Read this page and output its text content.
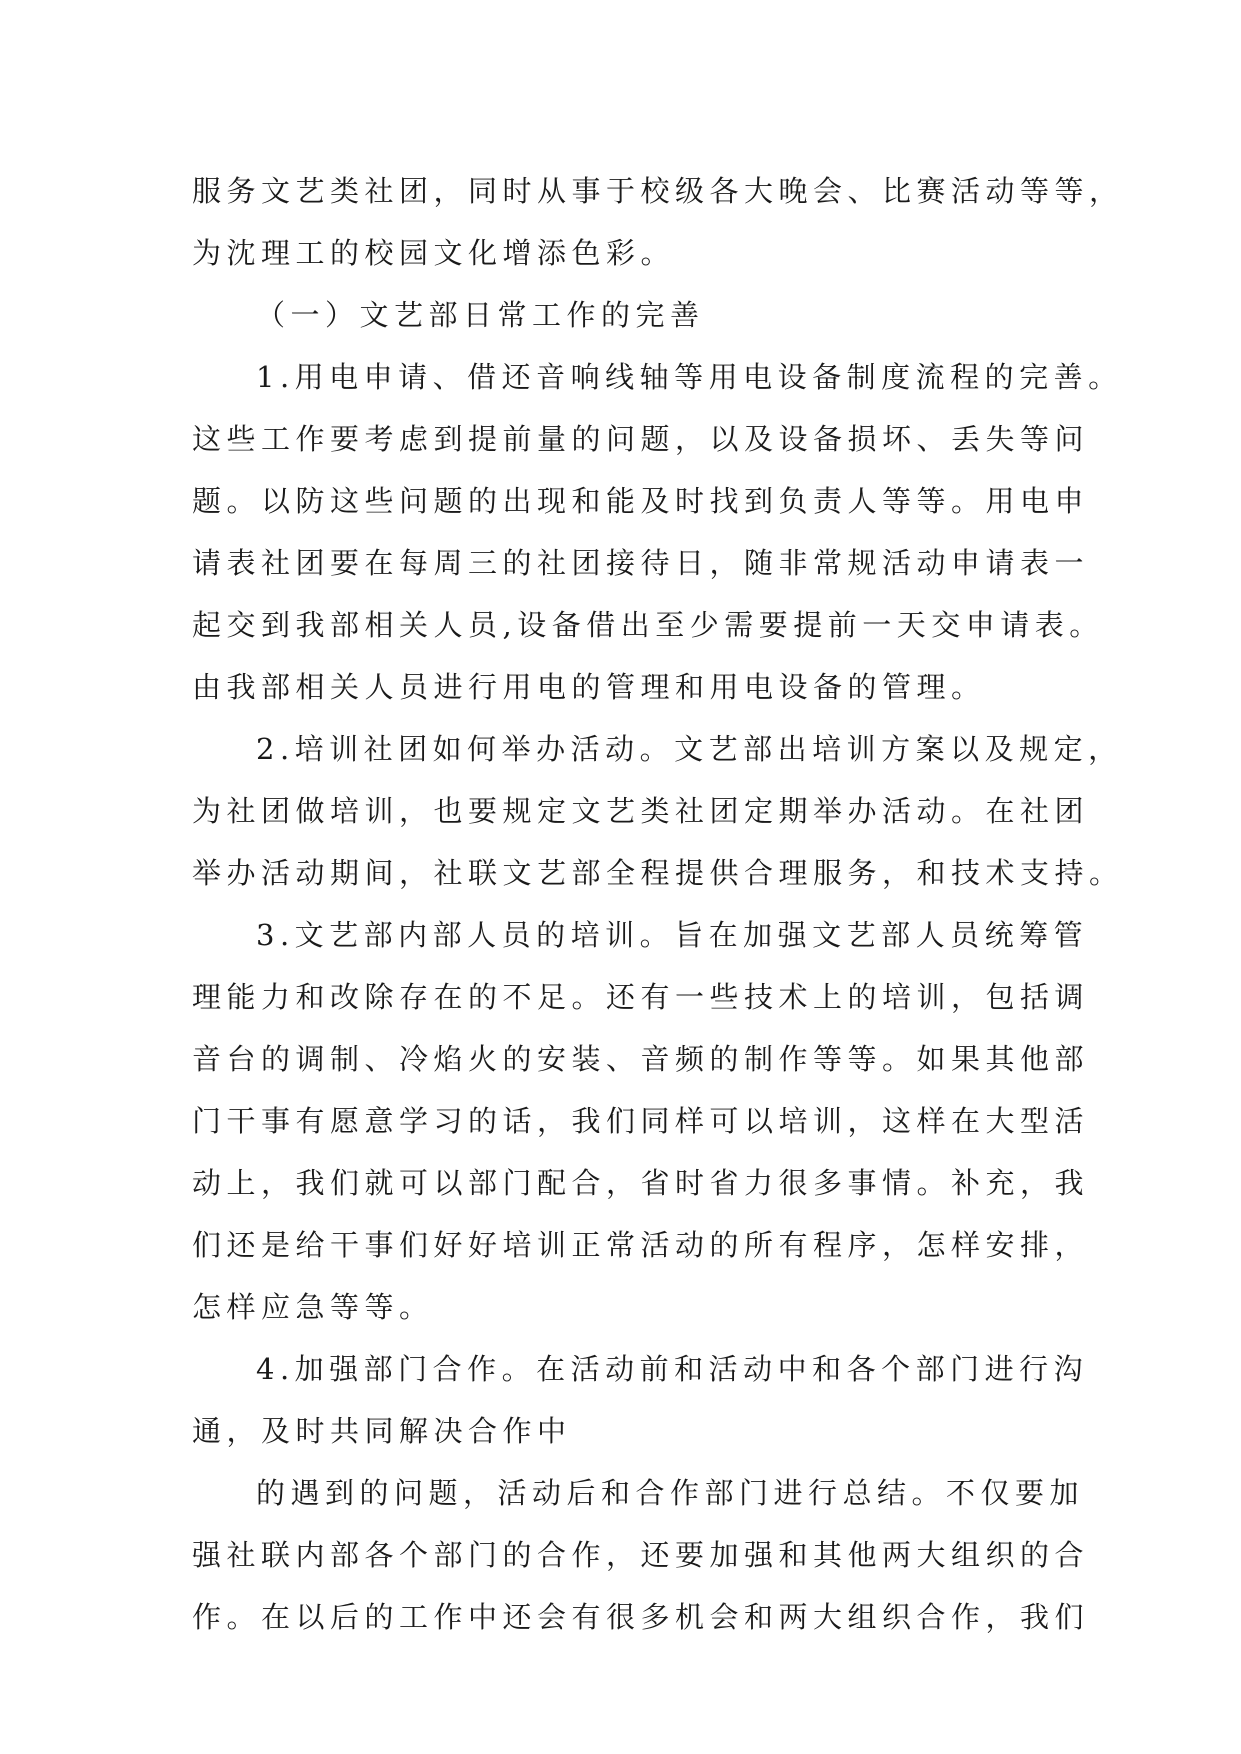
服务文艺类社团，同时从事于校级各大晚会、比赛活动等等，
为沈理工的校园文化增添色彩。
（一）文艺部日常工作的完善
1.用电申请、借还音响线轴等用电设备制度流程的完善。
这些工作要考虑到提前量的问题，以及设备损坏、丢失等问
题。以防这些问题的出现和能及时找到负责人等等。用电申
请表社团要在每周三的社团接待日，随非常规活动申请表一
起交到我部相关人员,设备借出至少需要提前一天交申请表。
由我部相关人员进行用电的管理和用电设备的管理。
2.培训社团如何举办活动。文艺部出培训方案以及规定，
为社团做培训，也要规定文艺类社团定期举办活动。在社团
举办活动期间，社联文艺部全程提供合理服务，和技术支持。
3.文艺部内部人员的培训。旨在加强文艺部人员统筹管
理能力和改除存在的不足。还有一些技术上的培训，包括调
音台的调制、冷焰火的安装、音频的制作等等。如果其他部
门干事有愿意学习的话，我们同样可以培训，这样在大型活
动上，我们就可以部门配合，省时省力很多事情。补充，我
们还是给干事们好好培训正常活动的所有程序，怎样安排，
怎样应急等等。
4.加强部门合作。在活动前和活动中和各个部门进行沟
通，及时共同解决合作中
的遇到的问题，活动后和合作部门进行总结。不仅要加
强社联内部各个部门的合作，还要加强和其他两大组织的合
作。在以后的工作中还会有很多机会和两大组织合作，我们
